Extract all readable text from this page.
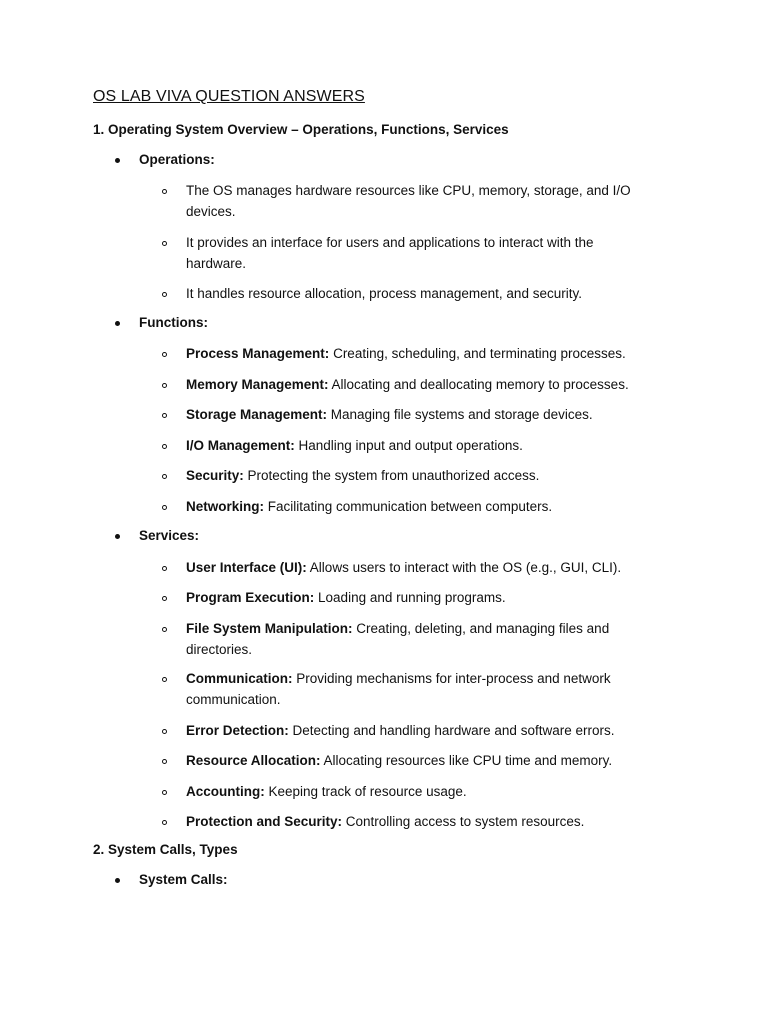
OS LAB VIVA QUESTION ANSWERS
1. Operating System Overview – Operations, Functions, Services
Operations:
The OS manages hardware resources like CPU, memory, storage, and I/O devices.
It provides an interface for users and applications to interact with the hardware.
It handles resource allocation, process management, and security.
Functions:
Process Management: Creating, scheduling, and terminating processes.
Memory Management: Allocating and deallocating memory to processes.
Storage Management: Managing file systems and storage devices.
I/O Management: Handling input and output operations.
Security: Protecting the system from unauthorized access.
Networking: Facilitating communication between computers.
Services:
User Interface (UI): Allows users to interact with the OS (e.g., GUI, CLI).
Program Execution: Loading and running programs.
File System Manipulation: Creating, deleting, and managing files and directories.
Communication: Providing mechanisms for inter-process and network communication.
Error Detection: Detecting and handling hardware and software errors.
Resource Allocation: Allocating resources like CPU time and memory.
Accounting: Keeping track of resource usage.
Protection and Security: Controlling access to system resources.
2. System Calls, Types
System Calls:
